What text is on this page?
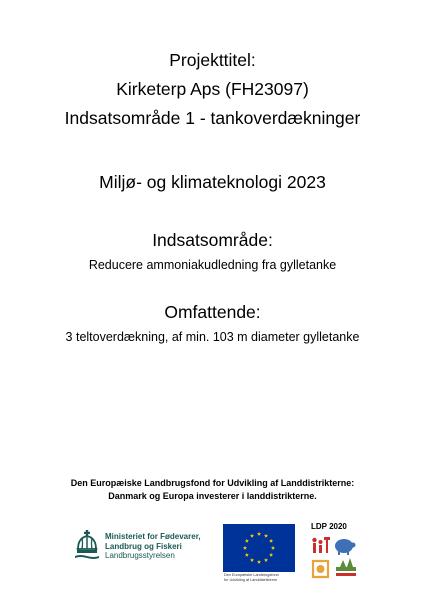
Projekttitel:
Kirketerp Aps (FH23097)
Indsatsområde 1 - tankoverdækninger
Miljø- og klimateknologi 2023
Indsatsområde:
Reducere ammoniakudledning fra gylletanke
Omfattende:
3 teltoverdækning, af min. 103 m diameter gylletanke
Den Europæiske Landbrugsfond for Udvikling af Landdistrikterne:
Danmark og Europa investerer i landdistrikterne.
Ministeriet for Fødevarer,
Landbrug og Fiskeri
Landbrugsstyrelsen
Den Europæiske Landbrugsfond
for Udvikling af Landdistrikterne
LDP 2020
